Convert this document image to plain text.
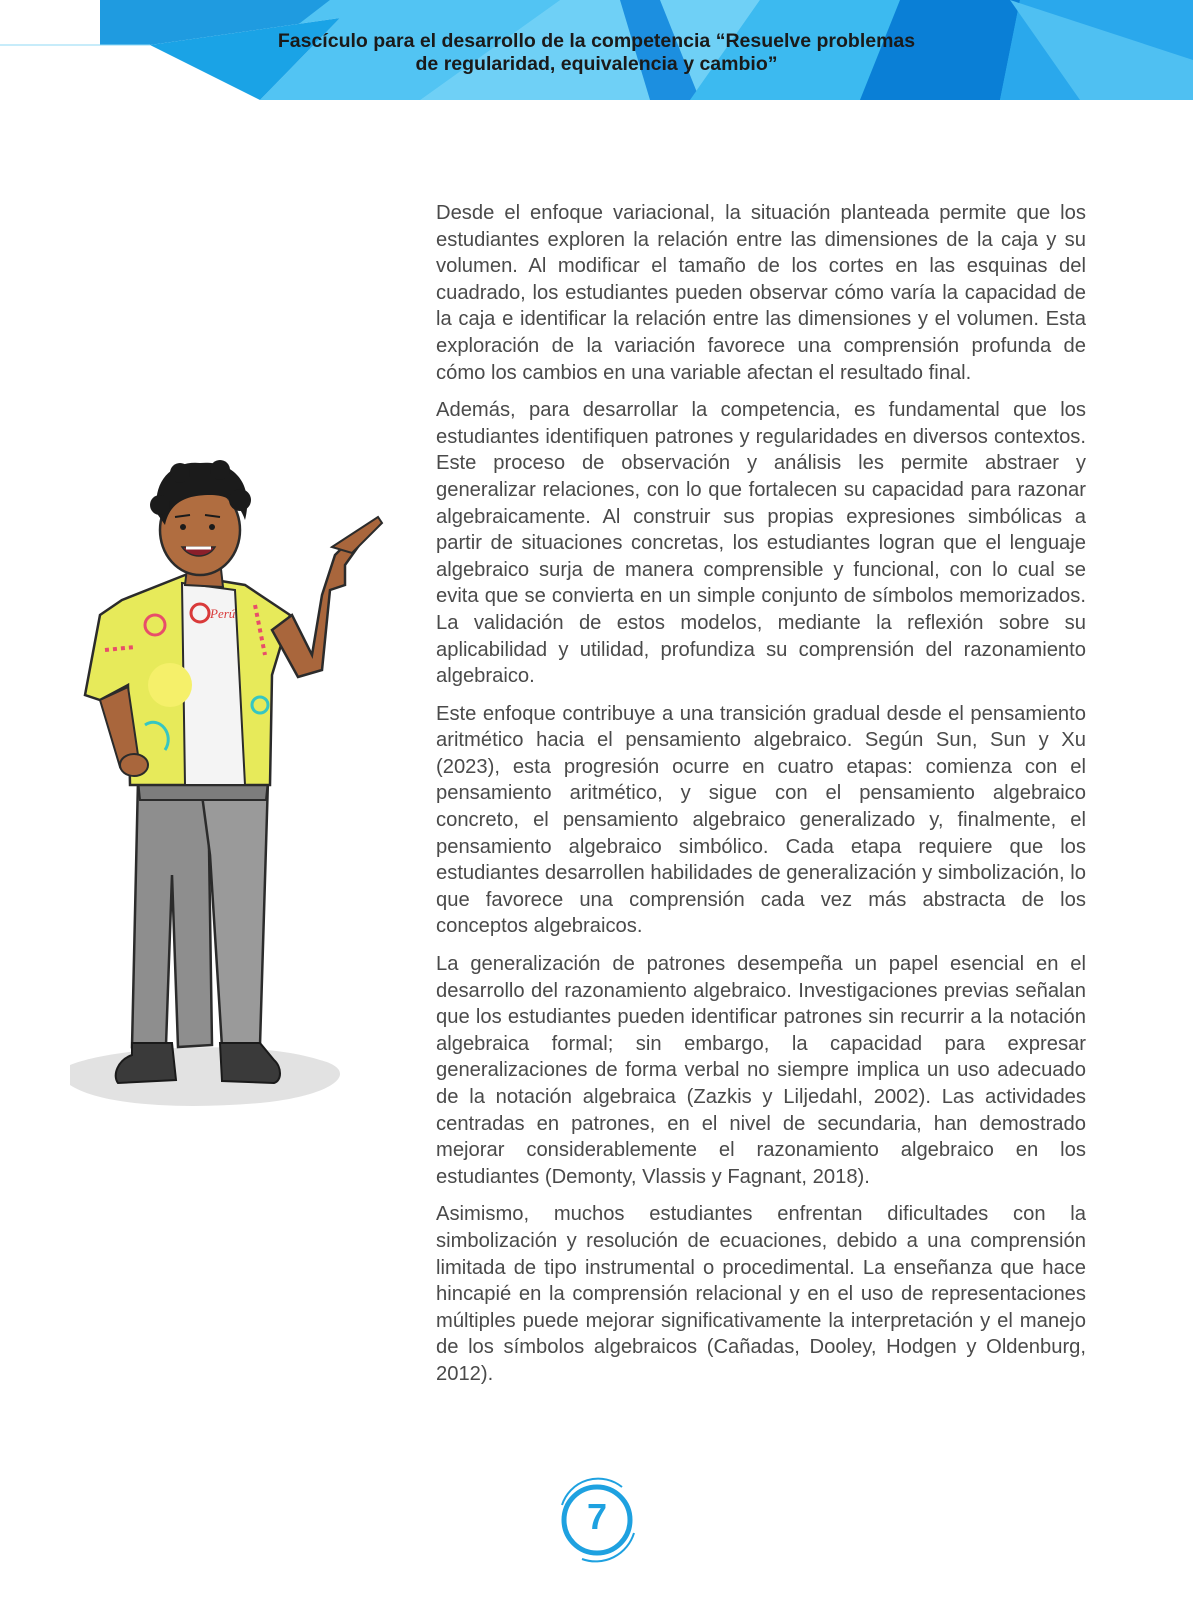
Fascículo para el desarrollo de la competencia “Resuelve problemas
de regularidad, equivalencia y cambio”
Perú

Desde el enfoque variacional, la situación planteada permite que los estudiantes exploren la relación entre las dimensiones de la caja y su volumen. Al modificar el tamaño de los cortes en las esquinas del cuadrado, los estudiantes pueden observar cómo varía la capacidad de la caja e identificar la relación entre las dimensiones y el volumen. Esta exploración de la variación favorece una comprensión profunda de cómo los cambios en una variable afectan el resultado final.

Además, para desarrollar la competencia, es fundamental que los estudiantes identifiquen patrones y regularidades en diversos contextos. Este proceso de observación y análisis les permite abstraer y generalizar relaciones, con lo que fortalecen su capacidad para razonar algebraicamente. Al construir sus propias expresiones simbólicas a partir de situaciones concretas, los estudiantes logran que el lenguaje algebraico surja de manera comprensible y funcional, con lo cual se evita que se convierta en un simple conjunto de símbolos memorizados. La validación de estos modelos, mediante la reflexión sobre su aplicabilidad y utilidad, profundiza su comprensión del razonamiento algebraico.

Este enfoque contribuye a una transición gradual desde el pensamiento aritmético hacia el pensamiento algebraico. Según Sun, Sun y Xu (2023), esta progresión ocurre en cuatro etapas: comienza con el pensamiento aritmético, y sigue con el pensamiento algebraico concreto, el pensamiento algebraico generalizado y, finalmente, el pensamiento algebraico simbólico. Cada etapa requiere que los estudiantes desarrollen habilidades de generalización y simbolización, lo que favorece una comprensión cada vez más abstracta de los conceptos algebraicos.

La generalización de patrones desempeña un papel esencial en el desarrollo del razonamiento algebraico. Investigaciones previas señalan que los estudiantes pueden identificar patrones sin recurrir a la notación algebraica formal; sin embargo, la capacidad para expresar generalizaciones de forma verbal no siempre implica un uso adecuado de la notación algebraica (Zazkis y Liljedahl, 2002). Las actividades centradas en patrones, en el nivel de secundaria, han demostrado mejorar considerablemente el razonamiento algebraico en los estudiantes (Demonty, Vlassis y Fagnant, 2018).

Asimismo, muchos estudiantes enfrentan dificultades con la simbolización y resolución de ecuaciones, debido a una comprensión limitada de tipo instrumental o procedimental. La enseñanza que hace hincapié en la comprensión relacional y en el uso de representaciones múltiples puede mejorar significativamente la interpretación y el manejo de los símbolos algebraicos (Cañadas, Dooley, Hodgen y Oldenburg, 2012).

7
